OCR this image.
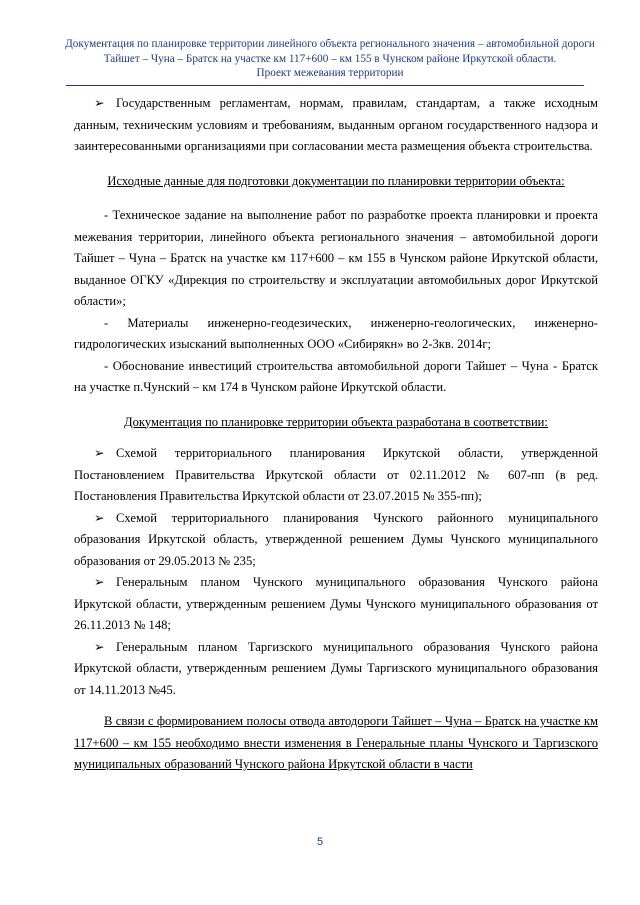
Документация по планировке территории линейного объекта регионального значения – автомобильной дороги
Тайшет – Чуна – Братск на участке км 117+600 – км 155 в Чунском районе Иркутской области.
Проект межевания территории

➢ Государственным регламентам, нормам, правилам, стандартам, а также исходным данным, техническим условиям и требованиям, выданным органом государственного надзора и заинтересованными организациями при согласовании места размещения объекта строительства.

Исходные данные для подготовки документации по планировки территории объекта:

- Техническое задание на выполнение работ по разработке проекта планировки и проекта межевания территории, линейного объекта регионального значения – автомобильной дороги Тайшет – Чуна – Братск на участке км 117+600 – км 155 в Чунском районе Иркутской области, выданное ОГКУ «Дирекция по строительству и эксплуатации автомобильных дорог Иркутской области»;

- Материалы инженерно-геодезических, инженерно-геологических, инженерно-гидрологических изысканий выполненных ООО «Сибирякн» во 2-3кв. 2014г;

- Обоснование инвестиций строительства автомобильной дороги Тайшет – Чуна - Братск на участке п.Чунский – км 174 в Чунском районе Иркутской области.

Документация по планировке территории объекта разработана в соответствии:

➢ Схемой территориального планирования Иркутской области, утвержденной Постановлением Правительства Иркутской области от 02.11.2012 № 607-пп (в ред. Постановления Правительства Иркутской области от 23.07.2015 № 355-пп);

➢ Схемой территориального планирования Чунского районного муниципального образования Иркутской область, утвержденной решением Думы Чунского муниципального образования от 29.05.2013 № 235;

➢ Генеральным планом Чунского муниципального образования Чунского района Иркутской области, утвержденным решением Думы Чунского муниципального образования от 26.11.2013 № 148;

➢ Генеральным планом Таргизского муниципального образования Чунского района Иркутской области, утвержденным решением Думы Таргизского муниципального образования от 14.11.2013 №45.

В связи с формированием полосы отвода автодороги Тайшет – Чуна – Братск на участке км 117+600 – км 155 необходимо внести изменения в Генеральные планы Чунского и Таргизского муниципальных образований Чунского района Иркутской области в части

5
